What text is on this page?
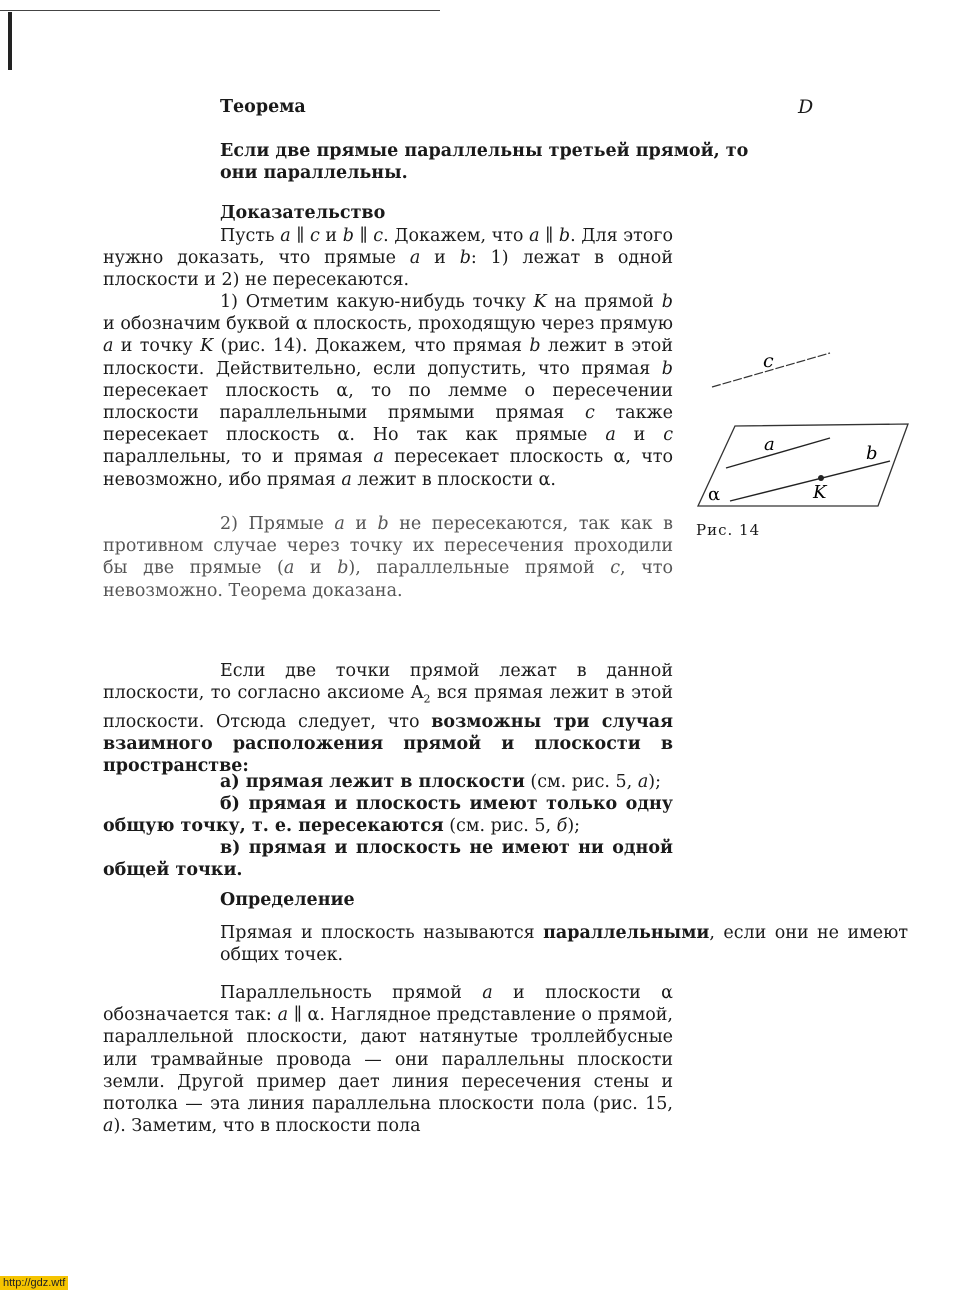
Теорема	D

Если две прямые параллельны третьей прямой, то они параллельны.

Доказательство

Пусть a ∥ c и b ∥ c. Докажем, что a ∥ b. Для этого нужно доказать, что прямые a и b: 1) лежат в одной плоскости и 2) не пересекаются.

1) Отметим какую-нибудь точку K на прямой b и обозначим буквой α плоскость, проходящую через прямую a и точку K (рис. 14). Докажем, что прямая b лежит в этой плоскости. Действительно, если допустить, что прямая b пересекает плоскость α, то по лемме о пересечении плоскости параллельными прямыми прямая c также пересекает плоскость α. Но так как прямые a и c параллельны, то и прямая a пересекает плоскость α, что невозможно, ибо прямая a лежит в плоскости α.

2) Прямые a и b не пересекаются, так как в противном случае через точку их пересечения проходили бы две прямые (a и b), параллельные прямой c, что невозможно. Теорема доказана.

c
a	b
K
α
Рис. 14

Если две точки прямой лежат в данной плоскости, то согласно аксиоме $A_2$ вся прямая лежит в этой плоскости. Отсюда следует, что возможны три случая взаимного расположения прямой и плоскости в пространстве:

а) прямая лежит в плоскости (см. рис. 5, а);

б) прямая и плоскость имеют только одну общую точку, т. е. пересекаются (см. рис. 5, б);

в) прямая и плоскость не имеют ни одной общей точки.

Определение

Прямая и плоскость называются параллельными, если они не имеют общих точек.

Параллельность прямой a и плоскости α обозначается так: a ∥ α. Наглядное представление о прямой, параллельной плоскости, дают натянутые троллейбусные или трамвайные провода — они параллельны плоскости земли. Другой пример дает линия пересечения стены и потолка — эта линия параллельна плоскости пола (рис. 15, а). Заметим, что в плоскости пола

http://gdz.wtf
